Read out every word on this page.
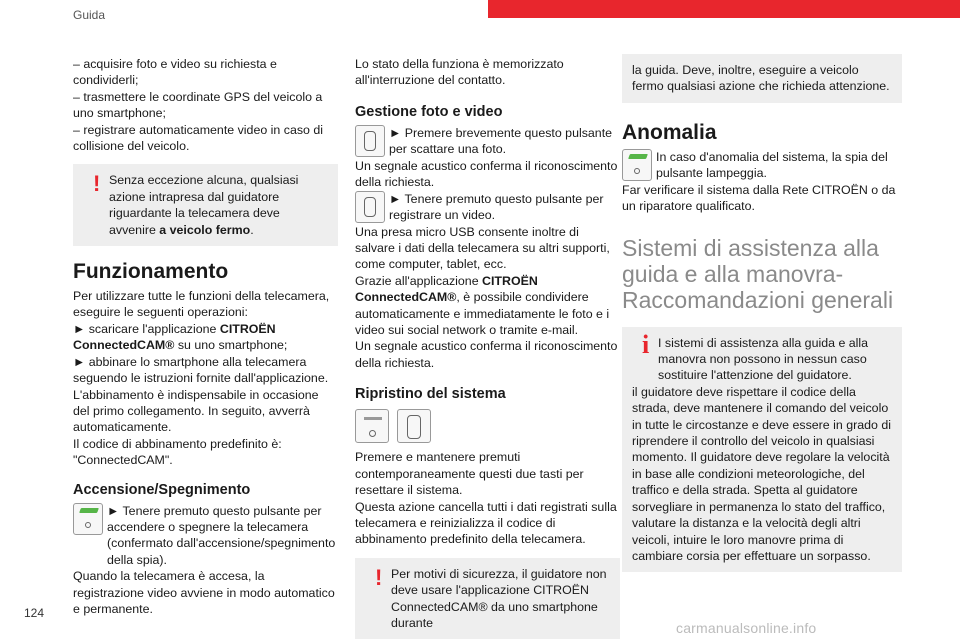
Guida

– acquisire foto e video su richiesta e

condividerli;

– trasmettere le coordinate GPS del veicolo a

uno smartphone;

– registrare automaticamente video in caso di

collisione del veicolo.

! Senza eccezione alcuna, qualsiasi azione intrapresa dal guidatore riguardante la telecamera deve avvenire a veicolo fermo.

Funzionamento

Per utilizzare tutte le funzioni della telecamera, eseguire le seguenti operazioni:

► scaricare l'applicazione CITROËN ConnectedCAM® su uno smartphone;

► abbinare lo smartphone alla telecamera seguendo le istruzioni fornite dall'applicazione.

L'abbinamento è indispensabile in occasione del primo collegamento. In seguito, avverrà automaticamente.

Il codice di abbinamento predefinito è: "ConnectedCAM".

Accensione/Spegnimento

► Tenere premuto questo pulsante per accendere o spegnere la telecamera (confermato dall'accensione/spegnimento della spia).

Quando la telecamera è accesa, la registrazione video avviene in modo automatico e permanente.

Lo stato della funziona è memorizzato all'interruzione del contatto.

Gestione foto e video

► Premere brevemente questo pulsante per scattare una foto.

Un segnale acustico conferma il riconoscimento della richiesta.

► Tenere premuto questo pulsante per registrare un video.

Una presa micro USB consente inoltre di salvare i dati della telecamera su altri supporti, come computer, tablet, ecc.

Grazie all'applicazione CITROËN ConnectedCAM®, è possibile condividere automaticamente e immediatamente le foto e i video sui social network o tramite e-mail.

Un segnale acustico conferma il riconoscimento della richiesta.

Ripristino del sistema

Premere e mantenere premuti contemporaneamente questi due tasti per resettare il sistema.

Questa azione cancella tutti i dati registrati sulla telecamera e reinizializza il codice di abbinamento predefinito della telecamera.

! Per motivi di sicurezza, il guidatore non deve usare l'applicazione CITROËN ConnectedCAM® da uno smartphone durante

la guida. Deve, inoltre, eseguire a veicolo fermo qualsiasi azione che richieda attenzione.

Anomalia

In caso d'anomalia del sistema, la spia del pulsante lampeggia.

Far verificare il sistema dalla Rete CITROËN o da un riparatore qualificato.

Sistemi di assistenza alla guida e alla manovra- Raccomandazioni generali
i I sistemi di assistenza alla guida e alla manovra non possono in nessun caso sostituire l'attenzione del guidatore.

il guidatore deve rispettare il codice della strada, deve mantenere il comando del veicolo in tutte le circostanze e deve essere in grado di riprendere il controllo del veicolo in qualsiasi momento. Il guidatore deve regolare la velocità in base alle condizioni meteorologiche, del traffico e della strada. Spetta al guidatore sorvegliare in permanenza lo stato del traffico, valutare la distanza e la velocità degli altri veicoli, intuire le loro manovre prima di cambiare corsia per effettuare un sorpasso.

124
carmanualsonline.info
